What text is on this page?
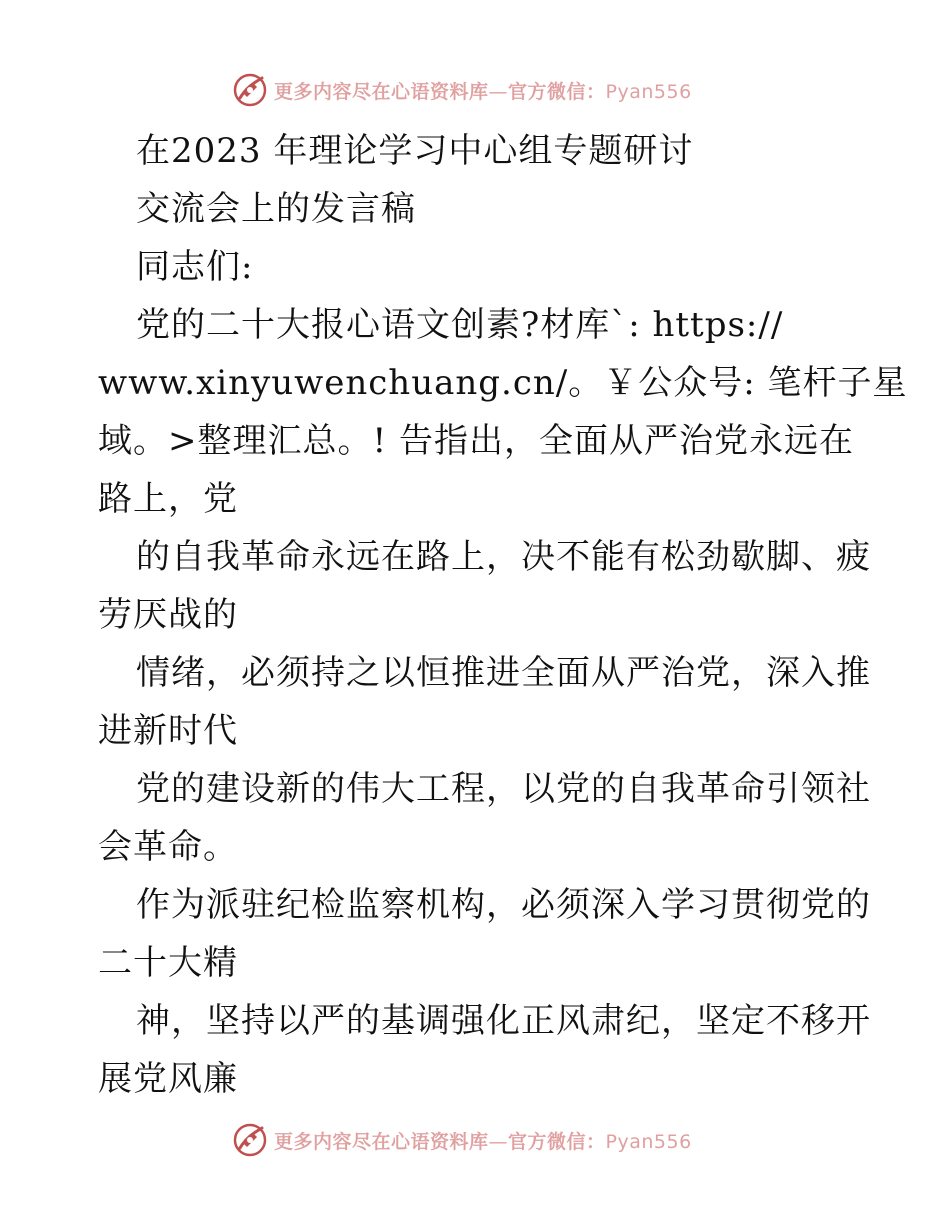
更多内容尽在心语资料库—官方微信：Pyan556
在2023 年理论学习中心组专题研讨
交流会上的发言稿
同志们:
党的二十大报心语文创素?材库`: https://
www.xinyuwenchuang.cn/。￥公众号: 笔杆子星
域。>整理汇总。! 告指出，全面从严治党永远在
路上，党
的自我革命永远在路上，决不能有松劲歇脚、疲
劳厌战的
情绪，必须持之以恒推进全面从严治党，深入推
进新时代
党的建设新的伟大工程，以党的自我革命引领社
会革命。
作为派驻纪检监察机构，必须深入学习贯彻党的
二十大精
神，坚持以严的基调强化正风肃纪，坚定不移开
展党风廉
更多内容尽在心语资料库—官方微信：Pyan556
